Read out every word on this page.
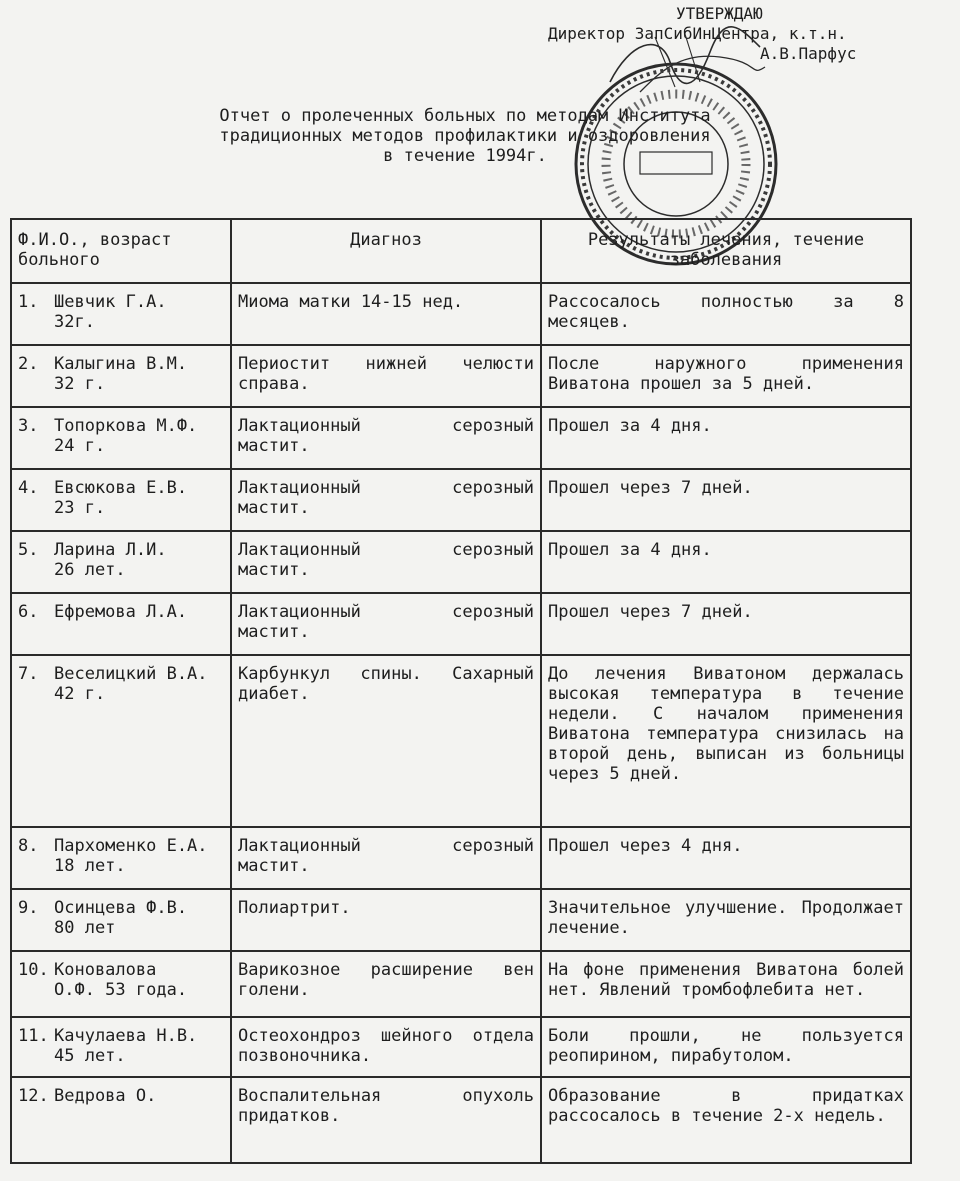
УТВЕРЖДАЮ
Директор ЗапСибИнЦентра, к.т.н.
А.В.Парфус
Отчет о пролеченных больных по методам Института
традиционных методов профилактики и оздоровления
в течение 1994г.
Ф.И.О., возраст больного	Диагноз	Результаты лечения, течение заболевания

1. Шевчик Г.А.
32г.	Миома матки 14-15 нед.	Рассосалось полностью за 8 месяцев.

2. Калыгина В.М.
32 г.	Периостит нижней челюсти справа.	После наружного применения Виватона прошел за 5 дней.

3. Топоркова М.Ф.
24 г.	Лактационный серозный мастит.	Прошел за 4 дня.

4. Евсюкова Е.В.
23 г.	Лактационный серозный мастит.	Прошел через 7 дней.

5. Ларина Л.И.
26 лет.	Лактационный серозный мастит.	Прошел за 4 дня.

6. Ефремова Л.А.	Лактационный серозный мастит.	Прошел через 7 дней.

7. Веселицкий В.А.
42 г.	Карбункул спины. Сахарный диабет.	До лечения Виватоном держалась высокая температура в течение недели. С началом применения Виватона температура снизилась на второй день, выписан из больницы через 5 дней.

8. Пархоменко Е.А.
18 лет.	Лактационный серозный мастит.	Прошел через 4 дня.

9. Осинцева Ф.В.
80 лет	Полиартрит.	Значительное улучшение. Продолжает лечение.

10. Коновалова
О.Ф. 53 года.	Варикозное расширение вен голени.	На фоне применения Виватона болей нет. Явлений тромбофлебита нет.

11. Качулаева Н.В.
45 лет.	Остеохондроз шейного отдела позвоночника.	Боли прошли, не пользуется реопирином, пирабутолом.

12. Ведрова О.	Воспалительная опухоль придатков.	Образование в придатках рассосалось в течение 2-х недель.
